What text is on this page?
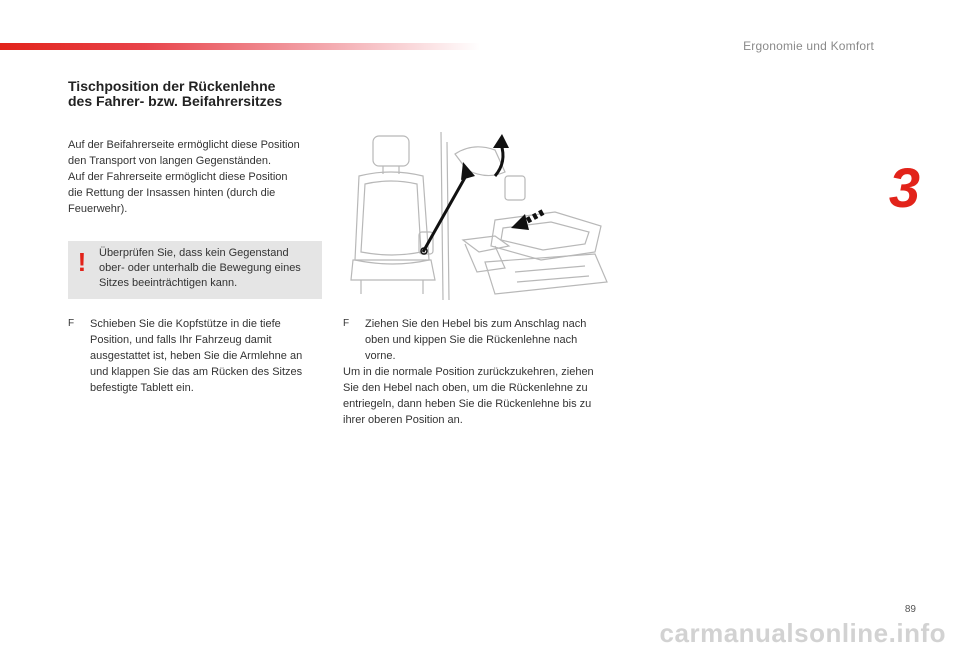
Ergonomie und Komfort
3
Tischposition der Rückenlehne
des Fahrer- bzw. Beifahrersitzes

Auf der Beifahrerseite ermöglicht diese Position

den Transport von langen Gegenständen.

Auf der Fahrerseite ermöglicht diese Position

die Rettung der Insassen hinten (durch die

Feuerwehr).

!	Überprüfen Sie, dass kein Gegenstand ober- oder unterhalb die Bewegung eines Sitzes beeinträchtigen kann.
F	Schieben Sie die Kopfstütze in die tiefe Position, und falls Ihr Fahrzeug damit ausgestattet ist, heben Sie die Armlehne an und klappen Sie das am Rücken des Sitzes befestigte Tablett ein.
F	Ziehen Sie den Hebel bis zum Anschlag nach oben und kippen Sie die Rückenlehne nach vorne.
Um in die normale Position zurückzukehren, ziehen Sie den Hebel nach oben, um die Rückenlehne zu entriegeln, dann heben Sie die Rückenlehne bis zu ihrer oberen Position an.
89
carmanualsonline.info
